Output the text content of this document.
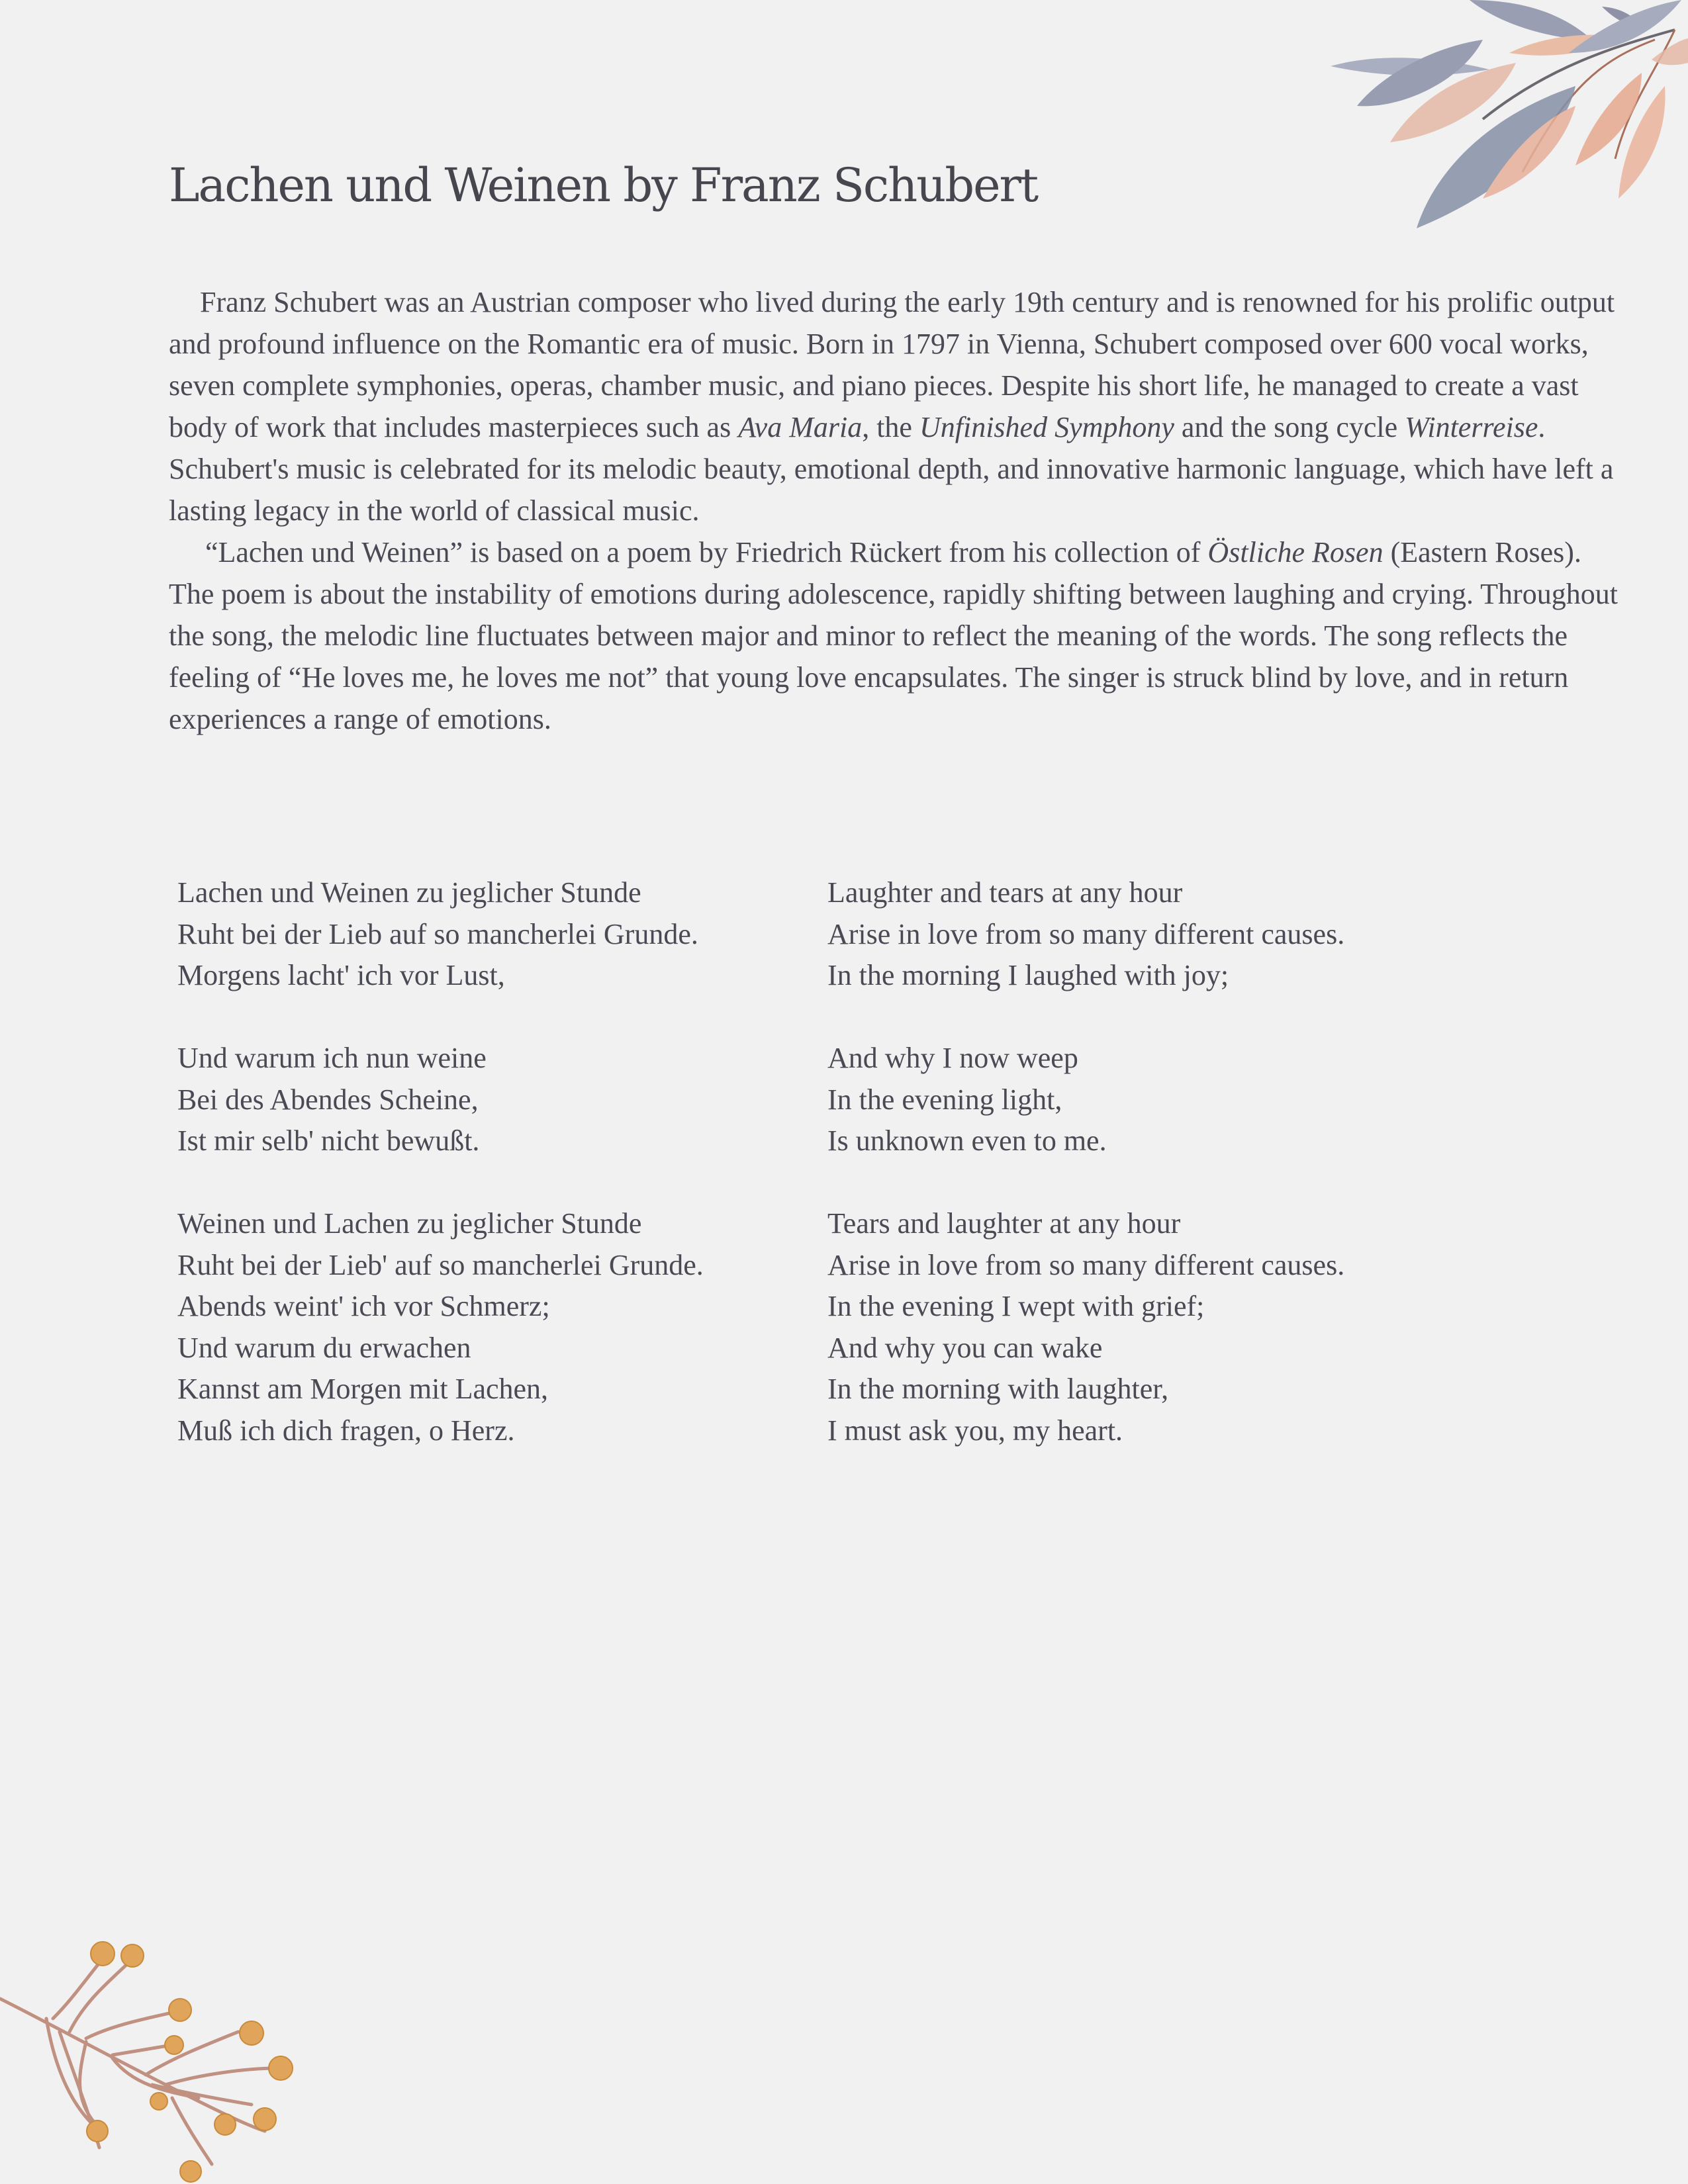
Lachen und Weinen by Franz Schubert

Franz Schubert was an Austrian composer who lived during the early 19th century and is renowned for his prolific output and profound influence on the Romantic era of music. Born in 1797 in Vienna, Schubert composed over 600 vocal works, seven complete symphonies, operas, chamber music, and piano pieces. Despite his short life, he managed to create a vast body of work that includes masterpieces such as Ava Maria, the Unfinished Symphony and the song cycle Winterreise. Schubert's music is celebrated for its melodic beauty, emotional depth, and innovative harmonic language, which have left a lasting legacy in the world of classical music.

“Lachen und Weinen” is based on a poem by Friedrich Rückert from his collection of Östliche Rosen (Eastern Roses). The poem is about the instability of emotions during adolescence, rapidly shifting between laughing and crying. Throughout the song, the melodic line fluctuates between major and minor to reflect the meaning of the words. The song reflects the feeling of “He loves me, he loves me not” that young love encapsulates. The singer is struck blind by love, and in return experiences a range of emotions.

Lachen und Weinen zu jeglicher Stunde
Ruht bei der Lieb auf so mancherlei Grunde.
Morgens lacht' ich vor Lust,
Und warum ich nun weine
Bei des Abendes Scheine,
Ist mir selb' nicht bewußt.
Weinen und Lachen zu jeglicher Stunde
Ruht bei der Lieb' auf so mancherlei Grunde.
Abends weint' ich vor Schmerz;
Und warum du erwachen
Kannst am Morgen mit Lachen,
Muß ich dich fragen, o Herz.
Laughter and tears at any hour
Arise in love from so many different causes.
In the morning I laughed with joy;
And why I now weep
In the evening light,
Is unknown even to me.
Tears and laughter at any hour
Arise in love from so many different causes.
In the evening I wept with grief;
And why you can wake
In the morning with laughter,
I must ask you, my heart.
